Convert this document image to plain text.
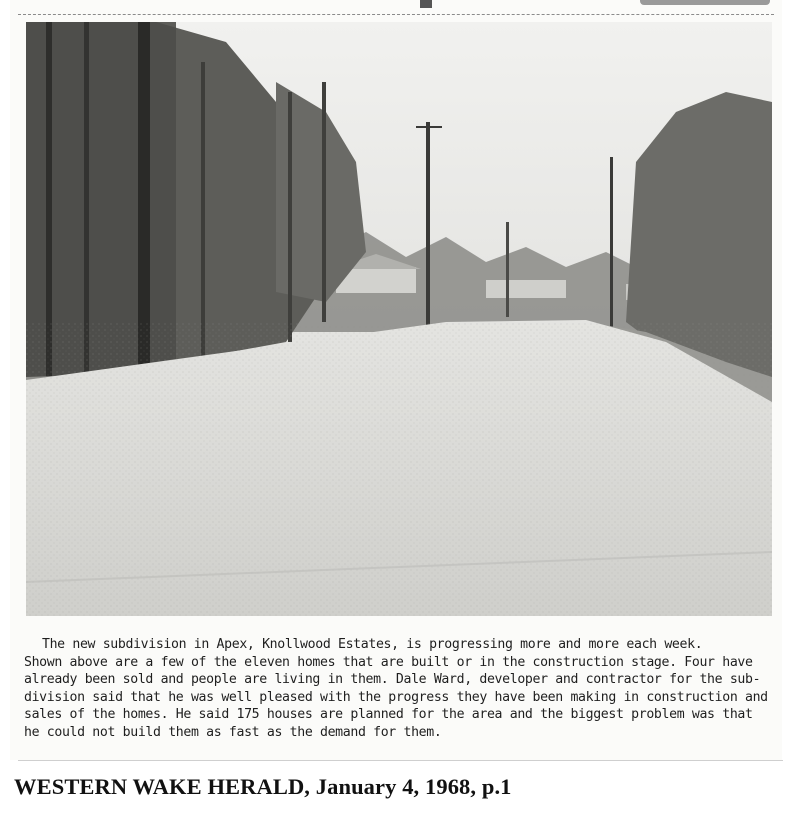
The new subdivision in Apex, Knollwood Estates, is progressing more and more each week.
Shown above are a few of the eleven homes that are built or in the construction stage. Four have
already been sold and people are living in them. Dale Ward, developer and contractor for the sub-
division said that he was well pleased with the progress they have been making in construction and
sales of the homes. He said 175 houses are planned for the area and the biggest problem was that
he could not build them as fast as the demand for them.
WESTERN WAKE HERALD, January 4, 1968, p.1
